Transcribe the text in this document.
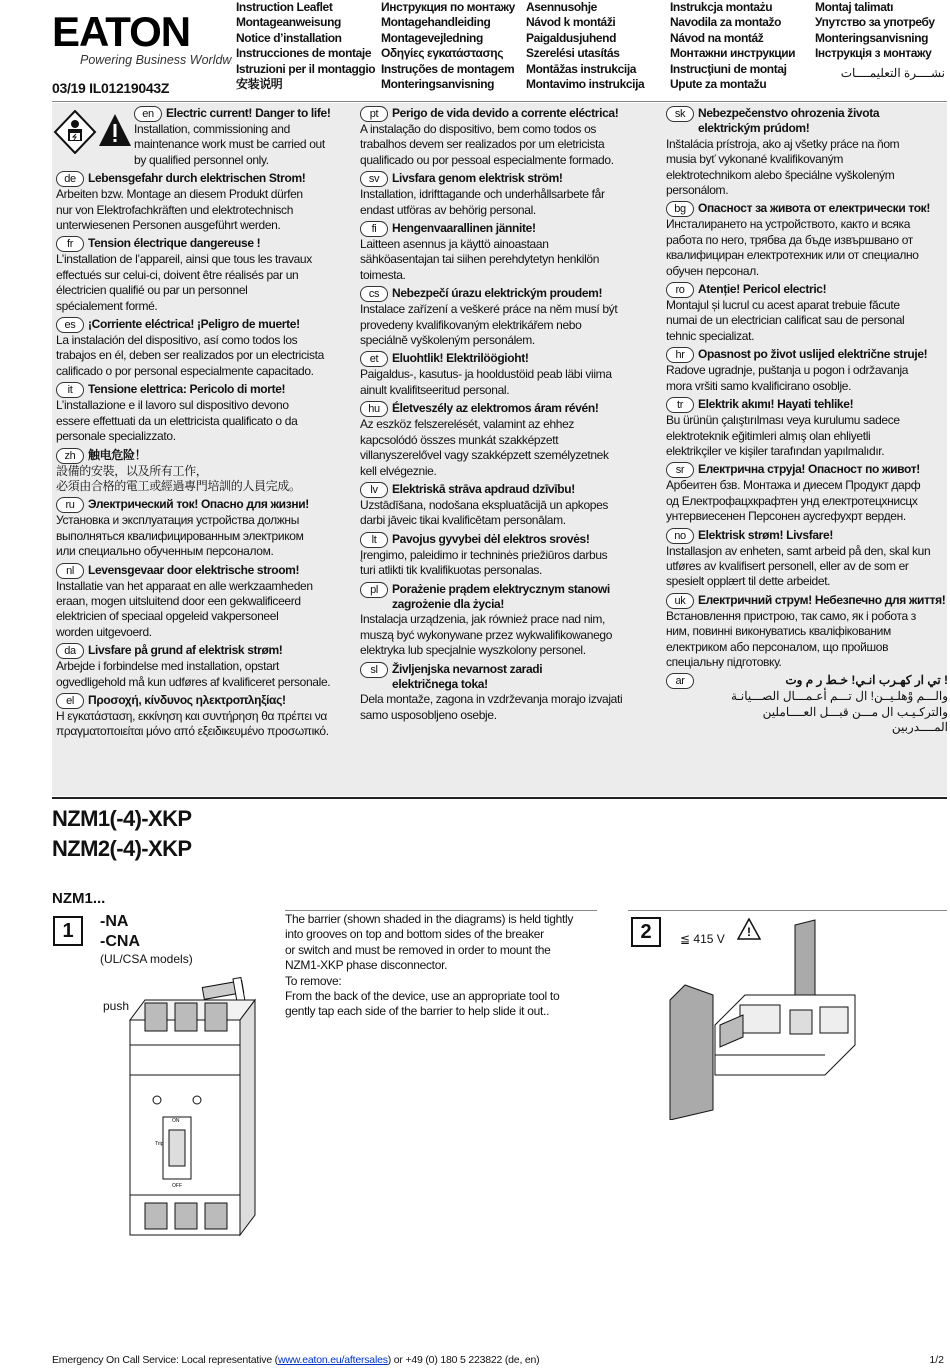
EATON
Powering Business Worldwide
03/19 IL01219043Z
Instruction Leaflet
Montageanweisung
Notice d’installation
Instrucciones de montaje
Istruzioni per il montaggio
安装说明
Инструкция по монтажу
Montagehandleiding
Montagevejledning
Οδηγίες εγκατάστασης
Instruções de montagem
Monteringsanvisning
Asennusohje
Návod k montáži
Paigaldusjuhend
Szerelési utasítás
Montāžas instrukcija
Montavimo instrukcija
Instrukcja montażu
Navodila za montažo
Návod na montáž
Монтажни инструкции
Instrucţiuni de montaj
Upute za montažu
Montaj talimatı
Упутство за употребу
Monteringsanvisning
Інструкція з монтажу
نشــــرة التعليمــــات
en	Electric current! Danger to life!
Installation, commissioning and
maintenance work must be carried out
by qualified personnel only.
de	Lebensgefahr durch elektrischen Strom!
Arbeiten bzw. Montage an diesem Produkt dürfen
nur von Elektrofachkräften und elektrotechnisch
unterwiesenen Personen ausgeführt werden.
fr	Tension électrique dangereuse !
L’installation de l’appareil, ainsi que tous les travaux
effectués sur celui-ci, doivent être réalisés par un
électricien qualifié ou par un personnel
spécialement formé.
es	¡Corriente eléctrica! ¡Peligro de muerte!
La instalación del dispositivo, así como todos los
trabajos en él, deben ser realizados por un electricista
calificado o por personal especialmente capacitado.
it	Tensione elettrica: Pericolo di morte!
L’installazione e il lavoro sul dispositivo devono
essere effettuati da un elettricista qualificato o da
personale specializzato.
zh	触电危险！
設備的安裝，以及所有工作，
必須由合格的電工或經過專門培訓的人員完成。
ru	Электрический ток! Опасно для жизни!
Установка и эксплуатация устройства должны
выполняться квалифицированным электриком
или специально обученным персоналом.
nl	Levensgevaar door elektrische stroom!
Installatie van het apparaat en alle werkzaamheden
eraan, mogen uitsluitend door een gekwalificeerd
elektricien of speciaal opgeleid vakpersoneel
worden uitgevoerd.
da	Livsfare på grund af elektrisk strøm!
Arbejde i forbindelse med installation, opstart
ogvedligehold må kun udføres af kvalificeret personale.
el	Προσοχή, κίνδυνος ηλεκτροπληξίας!
Η εγκατάσταση, εκκίνηση και συντήρηση θα πρέπει να
πραγματοποιείται μόνο από εξειδικευμένο προσωπικό.
pt	Perigo de vida devido a corrente eléctrica!
A instalação do dispositivo, bem como todos os
trabalhos devem ser realizados por um eletricista
qualificado ou por pessoal especialmente formado.
sv	Livsfara genom elektrisk ström!
Installation, idrifttagande och underhållsarbete får
endast utföras av behörig personal.
fi	Hengenvaarallinen jännite!
Laitteen asennus ja käyttö ainoastaan
sähköasentajan tai siihen perehdytetyn henkilön
toimesta.
cs	Nebezpečí úrazu elektrickým proudem!
Instalace zařízení a veškeré práce na něm musí být
provedeny kvalifikovaným elektrikářem nebo
speciálně vyškoleným personálem.
et	Eluohtlik! Elektrilöögioht!
Paigaldus-, kasutus- ja hooldustöid peab läbi viima
ainult kvalifitseeritud personal.
hu	Életveszély az elektromos áram révén!
Az eszköz felszerelését, valamint az ehhez
kapcsolódó összes munkát szakképzett
villanyszerelővel vagy szakképzett személyzetnek
kell elvégeznie.
lv	Elektriskā strāva apdraud dzīvību!
Uzstādīšana, nodošana ekspluatācijā un apkopes
darbi jāveic tikai kvalificētam personālam.
lt	Pavojus gyvybei dėl elektros srovės!
Įrengimo, paleidimo ir techninės priežiūros darbus
turi atlikti tik kvalifikuotas personalas.
pl	Porażenie prądem elektrycznym stanowi
zagrożenie dla życia!
Instalacja urządzenia, jak również prace nad nim,
muszą być wykonywane przez wykwalifikowanego
elektryka lub specjalnie wyszkolony personel.
sl	Življenjska nevarnost zaradi
električnega toka!
Dela montaže, zagona in vzdrževanja morajo izvajati
samo usposobljeno osebje.
sk	Nebezpečenstvo ohrozenia života
elektrickým prúdom!
Inštalácia prístroja, ako aj všetky práce na ňom
musia byť vykonané kvalifikovaným
elektrotechnikom alebo špeciálne vyškoleným
personálom.
bg	Опасност за живота от електрически ток!
Инсталирането на устройството, както и всяка
работа по него, трябва да бъде извършвано от
квалифициран електротехник или от специално
обучен персонал.
ro	Atenție! Pericol electric!
Montajul și lucrul cu acest aparat trebuie făcute
numai de un electrician calificat sau de personal
tehnic specializat.
hr	Opasnost po život uslijed električne struje!
Radove ugradnje, puštanja u pogon i održavanja
mora vršiti samo kvalificirano osoblje.
tr	Elektrik akımı! Hayati tehlike!
Bu ürünün çalıştırılması veya kurulumu sadece
elektroteknik eğitimleri almış olan ehliyetli
elektrikçiler ve kişiler tarafından yapılmalıdır.
sr	Електрична струја! Опасност по живот!
Арбеитен бзв. Монтажа и диесем Продукт дарф
од Електрофацхкрафтен унд електротецхнисцх
унтервиесенен Персонен аусгефухрт верден.
no	Elektrisk strøm! Livsfare!
Installasjon av enheten, samt arbeid på den, skal kun
utføres av kvalifisert personell, eller av de som er
spesielt opplært til dette arbeidet.
uk	Електричний струм! Небезпечно для життя!
Встановлення пристрою, так само, як і робота з
ним, повинні виконуватись кваліфікованим
електриком або персоналом, що пройшов
спеціальну підготовку.
ar	! تي ار كهـرب انـي! خـط ر م وت
والـــم وْهلـيــن! ال تـــم أعـمـــال الصـــيانـة
والتركـيـب ال مـــن قبـــل العــــاملين
المــــدربين
NZM1(-4)-XKP
NZM2(-4)-XKP
NZM1...
1	-NA
-CNA
(UL/CSA models)
push
The barrier (shown shaded in the diagrams) is held tightly
into grooves on top and bottom sides of the breaker
or switch and must be removed in order to mount the
NZM1-XKP phase disconnector.
To remove:
From the back of the device, use an appropriate tool to
gently tap each side of the barrier to help slide it out..
ON
Trip
OFF
2	≦ 415 V !
Emergency On Call Service: Local representative (www.eaton.eu/aftersales) or +49 (0) 180 5 223822 (de, en)	1/2
